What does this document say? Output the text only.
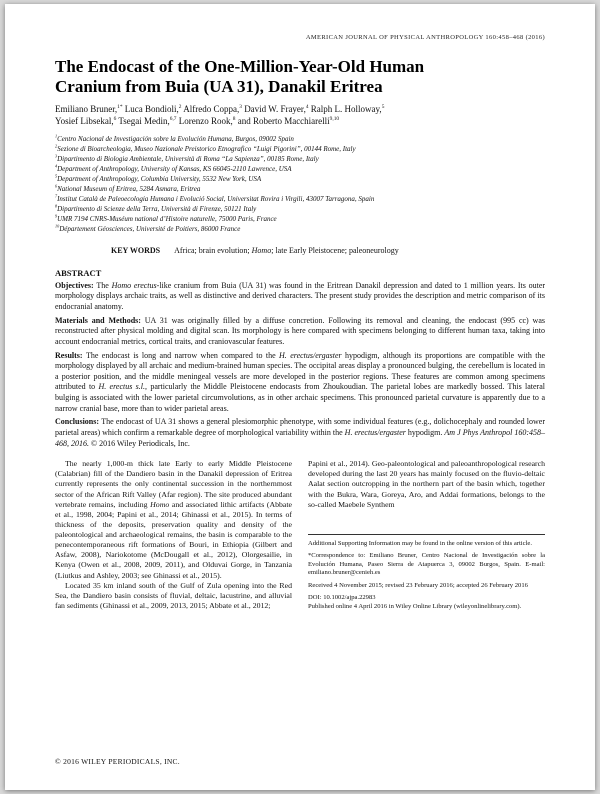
AMERICAN JOURNAL OF PHYSICAL ANTHROPOLOGY 160:458–468 (2016)
The Endocast of the One-Million-Year-Old Human
Cranium from Buia (UA 31), Danakil Eritrea
Emiliano Bruner,$^{1*}$ Luca Bondioli,$^2$ Alfredo Coppa,$^3$ David W. Frayer,$^4$ Ralph L. Holloway,$^5$
Yosief Libsekal,$^6$ Tsegai Medin,$^{6,7}$ Lorenzo Rook,$^8$ and Roberto Macchiarelli$^{9,10}$
$^1$Centro Nacional de Investigación sobre la Evolución Humana, Burgos, 09002 Spain
$^2$Sezione di Bioarcheologia, Museo Nazionale Preistorico Etnografico “Luigi Pigorini”, 00144 Rome, Italy
$^3$Dipartimento di Biologia Ambientale, Università di Roma “La Sapienza”, 00185 Rome, Italy
$^4$Department of Anthropology, University of Kansas, KS 66045-2110 Lawrence, USA
$^5$Department of Anthropology, Columbia University, 5532 New York, USA
$^6$National Museum of Eritrea, 5284 Asmara, Eritrea
$^7$Institut Català de Paleoecologia Humana i Evolució Social, Universitat Rovira i Virgili, 43007 Tarragona, Spain
$^8$Dipartimento di Scienze della Terra, Università di Firenze, 50121 Italy
$^9$UMR 7194 CNRS-Muséum national d’Histoire naturelle, 75000 Paris, France
$^{10}$Département Géosciences, Université de Poitiers, 86000 France
KEY WORDS Africa; brain evolution; Homo; late Early Pleistocene; paleoneurology
ABSTRACT

Objectives: The Homo erectus-like cranium from Buia (UA 31) was found in the Eritrean Danakil depression and dated to 1 million years. Its outer morphology displays archaic traits, as well as distinctive and derived characters. The present study provides the description and metric comparison of its endocranial anatomy.

Materials and Methods: UA 31 was originally filled by a diffuse concretion. Following its removal and cleaning, the endocast (995 cc) was reconstructed after physical molding and digital scan. Its morphology is here compared with specimens belonging to different human taxa, taking into account endocranial metrics, cortical traits, and craniovascular features.

Results: The endocast is long and narrow when compared to the H. erectus/ergaster hypodigm, although its proportions are compatible with the morphology displayed by all archaic and medium-brained human species. The occipital areas display a pronounced bulging, the cerebellum is located in a posterior position, and the middle meningeal vessels are more developed in the posterior regions. These features are common among specimens attributed to H. erectus s.l., particularly the Middle Pleistocene endocasts from Zhoukoudian. The parietal lobes are markedly bossed. This lateral bulging is associated with the lower parietal circumvolutions, as in other archaic specimens. This pronounced parietal curvature is apparently due to a narrow cranial base, more than to wider parietal areas.

Conclusions: The endocast of UA 31 shows a general plesiomorphic phenotype, with some individual features (e.g., dolichocephaly and rounded lower parietal areas) which confirm a remarkable degree of morphological variability within the H. erectus/ergaster hypodigm. Am J Phys Anthropol 160:458–468, 2016. © 2016 Wiley Periodicals, Inc.

The nearly 1,000-m thick late Early to early Middle Pleistocene (Calabrian) fill of the Dandiero basin in the Danakil depression of Eritrea currently represents the only continental succession in the northernmost sector of the African Rift Valley (Afar region). The site produced abundant vertebrate remains, including Homo and associated lithic artifacts (Abbate et al., 1998, 2004; Papini et al., 2014; Ghinassi et al., 2015). In terms of thickness of the deposits, preservation quality and density of the paleontological and archaeological remains, the basin is comparable to the penecontemporaneous rift formations of Bouri, in Ethiopia (Gilbert and Asfaw, 2008), Nariokotome (McDougall et al., 2012), Olorgesailie, in Kenya (Owen et al., 2008, 2009, 2011), and Olduvai Gorge, in Tanzania (Liutkus and Ashley, 2003; see Ghinassi et al., 2015).

Located 35 km inland south of the Gulf of Zula opening into the Red Sea, the Dandiero basin consists of fluvial, deltaic, lacustrine, and alluvial fan sediments (Ghinassi et al., 2009, 2013, 2015; Abbate et al., 2012;

Papini et al., 2014). Geo-paleontological and paleoanthropological research developed during the last 20 years has mainly focused on the fluvio-deltaic Aalat section outcropping in the northern part of the basin which, together with the Bukra, Wara, Goreya, Aro, and Addai formations, belongs to the so-called Maebele Synthem

Additional Supporting Information may be found in the online version of this article.

*Correspondence to: Emiliano Bruner, Centro Nacional de Investigación sobre la Evolución Humana, Paseo Sierra de Atapuerca 3, 09002 Burgos, Spain. E-mail: emiliano.bruner@cenieh.es

Received 4 November 2015; revised 23 February 2016; accepted 26 February 2016

DOI: 10.1002/ajpa.22983

Published online 4 April 2016 in Wiley Online Library (wileyonlinelibrary.com).

© 2016 WILEY PERIODICALS, INC.
